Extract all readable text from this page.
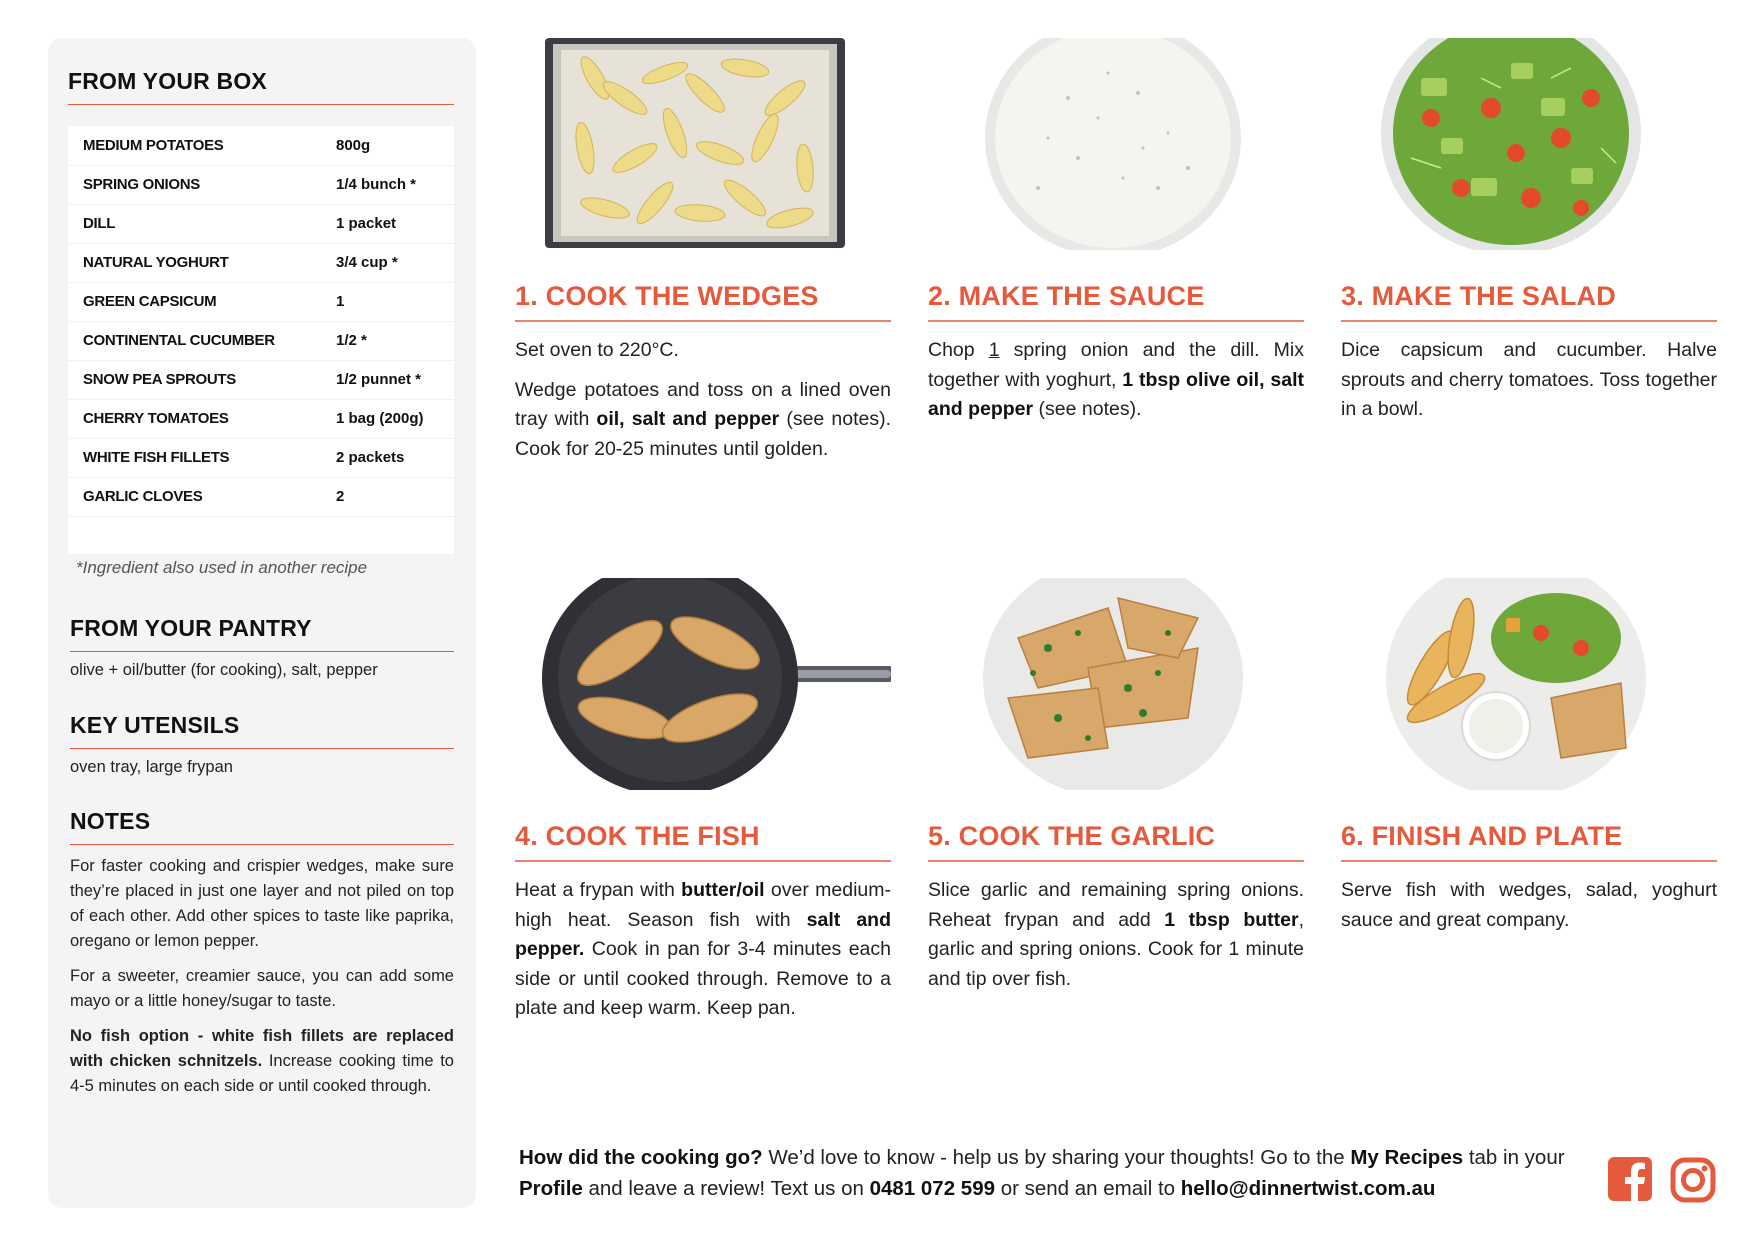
FROM YOUR BOX
MEDIUM POTATOES	800g
SPRING ONIONS	1/4 bunch *
DILL	1 packet
NATURAL YOGHURT	3/4 cup *
GREEN CAPSICUM	1
CONTINENTAL CUCUMBER	1/2 *
SNOW PEA SPROUTS	1/2 punnet *
CHERRY TOMATOES	1 bag (200g)
WHITE FISH FILLETS	2 packets
GARLIC CLOVES	2

*Ingredient also used in another recipe
FROM YOUR PANTRY
olive + oil/butter (for cooking), salt, pepper
KEY UTENSILS
oven tray, large frypan
NOTES

For faster cooking and crispier wedges, make sure they’re placed in just one layer and not piled on top of each other. Add other spices to taste like paprika, oregano or lemon pepper.

For a sweeter, creamier sauce, you can add some mayo or a little honey/sugar to taste.

No fish option - white fish fillets are replaced with chicken schnitzels. Increase cooking time to 4-5 minutes on each side or until cooked through.

1. COOK THE WEDGES

Set oven to 220°C.

Wedge potatoes and toss on a lined oven tray with oil, salt and pepper (see notes). Cook for 20-25 minutes until golden.

2. MAKE THE SAUCE

Chop 1 spring onion and the dill. Mix together with yoghurt, 1 tbsp olive oil, salt and pepper (see notes).

3. MAKE THE SALAD
Dice capsicum and cucumber. Halve sprouts and cherry tomatoes. Toss together in a bowl.
4. COOK THE FISH

Heat a frypan with butter/oil over medium-high heat. Season fish with salt and pepper. Cook in pan for 3-4 minutes each side or until cooked through. Remove to a plate and keep warm. Keep pan.

5. COOK THE GARLIC

Slice garlic and remaining spring onions. Reheat frypan and add 1 tbsp butter, garlic and spring onions. Cook for 1 minute and tip over fish.

6. FINISH AND PLATE
Serve fish with wedges, salad, yoghurt sauce and great company.
How did the cooking go? We’d love to know - help us by sharing your thoughts! Go to the My Recipes tab in your Profile and leave a review! Text us on 0481 072 599 or send an email to hello@dinnertwist.com.au
